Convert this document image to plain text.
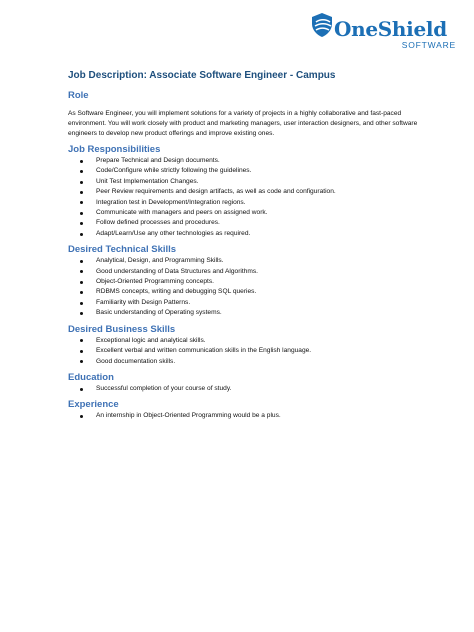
OneShield
SOFTWARE
Job Description: Associate Software Engineer - Campus
Role

As Software Engineer, you will implement solutions for a variety of projects in a highly collaborative and fast-paced environment. You will work closely with product and marketing managers, user interaction designers, and other software engineers to develop new product offerings and improve existing ones.

Job Responsibilities
Prepare Technical and Design documents.
Code/Configure while strictly following the guidelines.
Unit Test Implementation Changes.
Peer Review requirements and design artifacts, as well as code and configuration.
Integration test in Development/Integration regions.
Communicate with managers and peers on assigned work.
Follow defined processes and procedures.
Adapt/Learn/Use any other technologies as required.
Desired Technical Skills
Analytical, Design, and Programming Skills.
Good understanding of Data Structures and Algorithms.
Object-Oriented Programming concepts.
RDBMS concepts, writing and debugging SQL queries.
Familiarity with Design Patterns.
Basic understanding of Operating systems.
Desired Business Skills
Exceptional logic and analytical skills.
Excellent verbal and written communication skills in the English language.
Good documentation skills.
Education
Successful completion of your course of study.
Experience
An internship in Object-Oriented Programming would be a plus.
